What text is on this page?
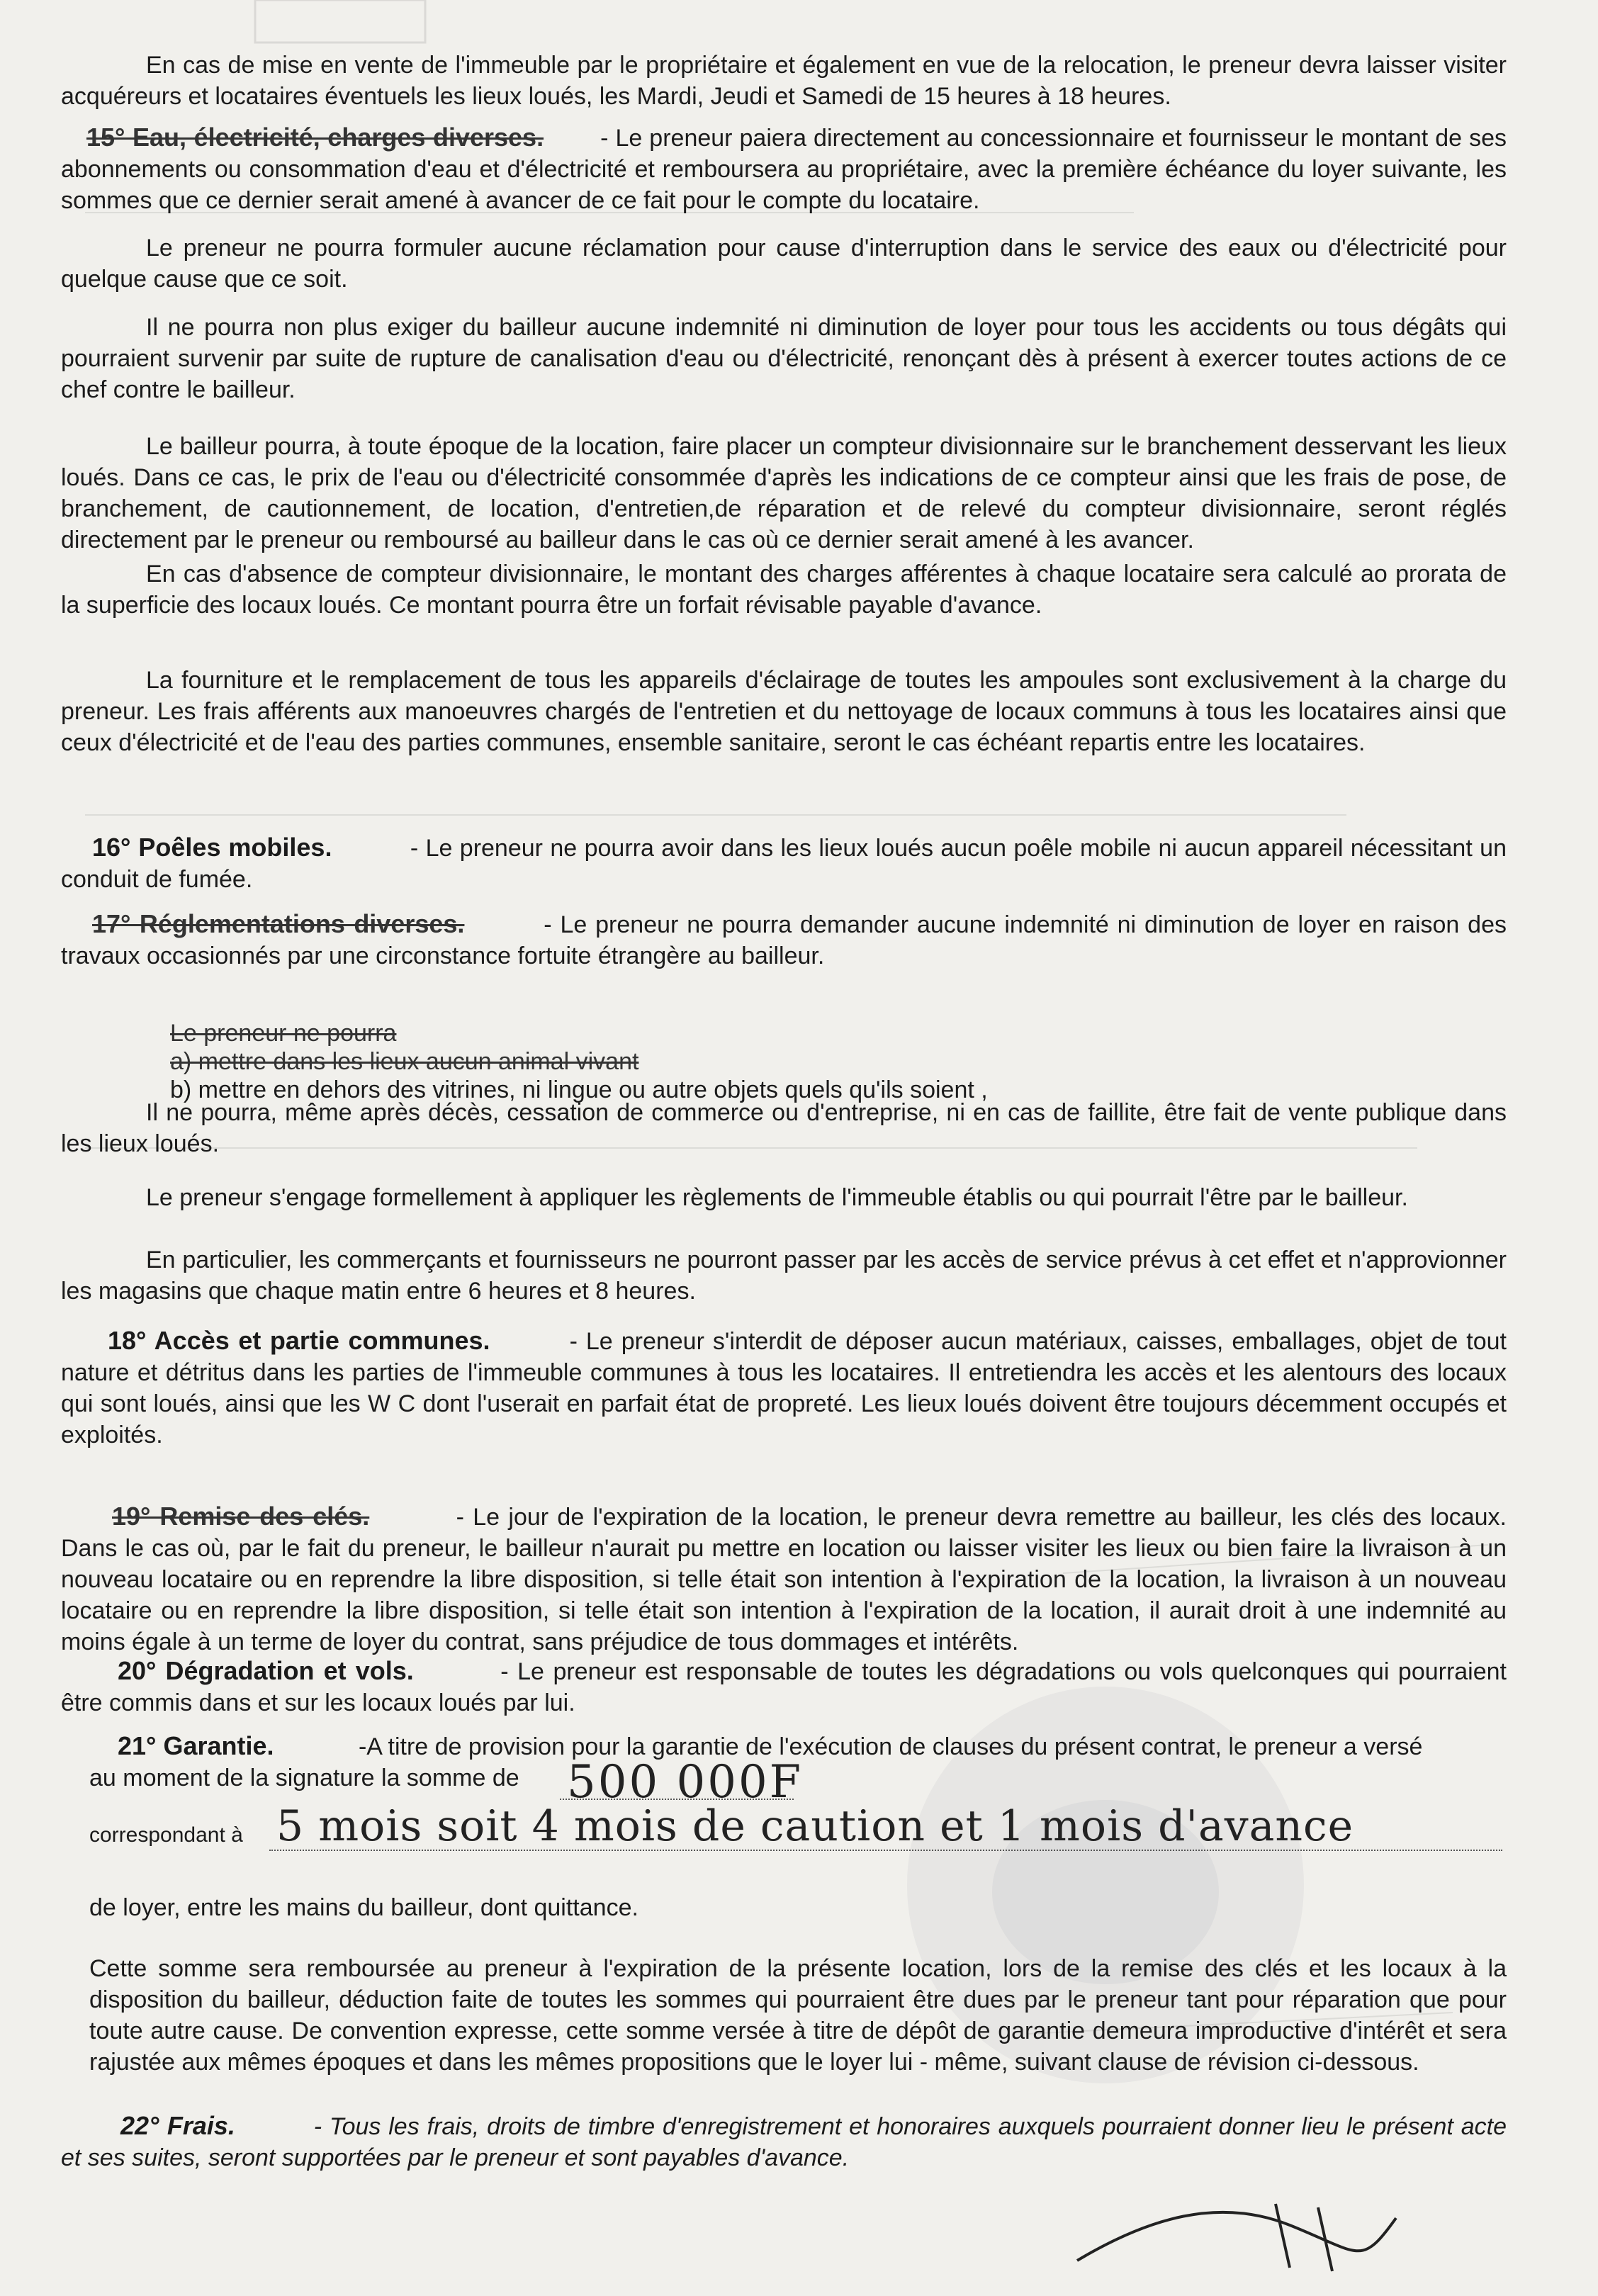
En cas de mise en vente de l'immeuble par le propriétaire et également en vue de la relocation, le preneur devra laisser visiter acquéreurs et locataires éventuels les lieux loués, les Mardi, Jeudi et Samedi de 15 heures à 18 heures.

15° Eau, électricité, charges diverses. - Le preneur paiera directement au concessionnaire et fournisseur le montant de ses abonnements ou consommation d'eau et d'électricité et remboursera au propriétaire, avec la première échéance du loyer suivante, les sommes que ce dernier serait amené à avancer de ce fait pour le compte du locataire.

Le preneur ne pourra formuler aucune réclamation pour cause d'interruption dans le service des eaux ou d'électricité pour quelque cause que ce soit.

Il ne pourra non plus exiger du bailleur aucune indemnité ni diminution de loyer pour tous les accidents ou tous dégâts qui pourraient survenir par suite de rupture de canalisation d'eau ou d'électricité, renonçant dès à présent à exercer toutes actions de ce chef contre le bailleur.

Le bailleur pourra, à toute époque de la location, faire placer un compteur divisionnaire sur le branchement desservant les lieux loués. Dans ce cas, le prix de l'eau ou d'électricité consommée d'après les indications de ce compteur ainsi que les frais de pose, de branchement, de cautionnement, de location, d'entretien,de réparation et de relevé du compteur divisionnaire, seront réglés directement par le preneur ou remboursé au bailleur dans le cas où ce dernier serait amené à les avancer.

En cas d'absence de compteur divisionnaire, le montant des charges afférentes à chaque locataire sera calculé ao prorata de la superficie des locaux loués. Ce montant pourra être un forfait révisable payable d'avance.

La fourniture et le remplacement de tous les appareils d'éclairage de toutes les ampoules sont exclusivement à la charge du preneur. Les frais afférents aux manoeuvres chargés de l'entretien et du nettoyage de locaux communs à tous les locataires ainsi que ceux d'électricité et de l'eau des parties communes, ensemble sanitaire, seront le cas échéant repartis entre les locataires.

16° Poêles mobiles.	- Le preneur ne pourra avoir dans les lieux loués aucun poêle mobile ni aucun appareil nécessitant un conduit de fumée.

17° Réglementations diverses.	- Le preneur ne pourra demander aucune indemnité ni diminution de loyer en raison des travaux occasionnés par une circonstance fortuite étrangère au bailleur.

Le preneur ne pourra

a) mettre dans les lieux aucun animal vivant

b) mettre en dehors des vitrines, ni lingue ou autre objets quels qu'ils soient ,

Il ne pourra, même après décès, cessation de commerce ou d'entreprise, ni en cas de faillite, être fait de vente publique dans les lieux loués.

Le preneur s'engage formellement à appliquer les règlements de l'immeuble établis ou qui pourrait l'être par le bailleur.

En particulier, les commerçants et fournisseurs ne pourront passer par les accès de service prévus à cet effet et n'approvionner les magasins que chaque matin entre 6 heures et 8 heures.

18° Accès et partie communes.	- Le preneur s'interdit de déposer aucun matériaux, caisses, emballages, objet de tout nature et détritus dans les parties de l'immeuble communes à tous les locataires. Il entretiendra les accès et les alentours des locaux qui sont loués, ainsi que les W C dont l'userait en parfait état de propreté. Les lieux loués doivent être toujours décemment occupés et exploités.

19° Remise des clés.	- Le jour de l'expiration de la location, le preneur devra remettre au bailleur, les clés des locaux. Dans le cas où, par le fait du preneur, le bailleur n'aurait pu mettre en location ou laisser visiter les lieux ou bien faire la livraison à un nouveau locataire ou en reprendre la libre disposition, si telle était son intention à l'expiration de la location, la livraison à un nouveau locataire ou en reprendre la libre disposition, si telle était son intention à l'expiration de la location, il aurait droit à une indemnité au moins égale à un terme de loyer du contrat, sans préjudice de tous dommages et intérêts.

20° Dégradation et vols.	- Le preneur est responsable de toutes les dégradations ou vols quelconques qui pourraient être commis dans et sur les locaux loués par lui.

21° Garantie.	-A titre de provision pour la garantie de l'exécution de clauses du présent contrat, le preneur a versé

au moment de la signature la somme de	500 000F

correspondant à 5 mois soit 4 mois de caution et 1 mois d'avance

de loyer, entre les mains du bailleur, dont quittance.

Cette somme sera remboursée au preneur à l'expiration de la présente location, lors de la remise des clés et les locaux à la disposition du bailleur, déduction faite de toutes les sommes qui pourraient être dues par le preneur tant pour réparation que pour toute autre cause. De convention expresse, cette somme versée à titre de dépôt de garantie demeura improductive d'intérêt et sera rajustée aux mêmes époques et dans les mêmes propositions que le loyer lui - même, suivant clause de révision ci-dessous.

22° Frais.	- Tous les frais, droits de timbre d'enregistrement et honoraires auxquels pourraient donner lieu le présent acte et ses suites, seront supportées par le preneur et sont payables d'avance.
